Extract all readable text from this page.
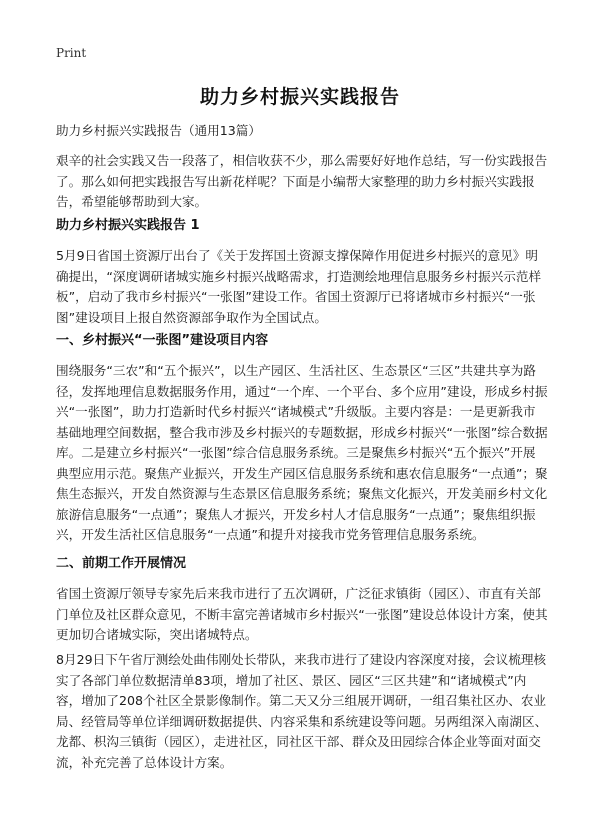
Print
助力乡村振兴实践报告

助力乡村振兴实践报告（通用13篇）

艰辛的社会实践又告一段落了，相信收获不少，那么需要好好地作总结，写一份实践报告了。那么如何把实践报告写出新花样呢？下面是小编帮大家整理的助力乡村振兴实践报告，希望能够帮助到大家。

助力乡村振兴实践报告 1

5月9日省国土资源厅出台了《关于发挥国土资源支撑保障作用促进乡村振兴的意见》明确提出，“深度调研诸城实施乡村振兴战略需求，打造测绘地理信息服务乡村振兴示范样板”，启动了我市乡村振兴“一张图”建设工作。省国土资源厅已将诸城市乡村振兴“一张图”建设项目上报自然资源部争取作为全国试点。

一、乡村振兴“一张图”建设项目内容

围绕服务“三农”和“五个振兴”，以生产园区、生活社区、生态景区“三区”共建共享为路径，发挥地理信息数据服务作用，通过“一个库、一个平台、多个应用”建设，形成乡村振兴“一张图”，助力打造新时代乡村振兴“诸城模式”升级版。主要内容是：一是更新我市基础地理空间数据，整合我市涉及乡村振兴的专题数据，形成乡村振兴“一张图”综合数据库。二是建立乡村振兴“一张图”综合信息服务系统。三是聚焦乡村振兴“五个振兴”开展典型应用示范。聚焦产业振兴，开发生产园区信息服务系统和惠农信息服务“一点通”；聚焦生态振兴，开发自然资源与生态景区信息服务系统；聚焦文化振兴，开发美丽乡村文化旅游信息服务“一点通”；聚焦人才振兴，开发乡村人才信息服务“一点通”；聚焦组织振兴，开发生活社区信息服务“一点通”和提升对接我市党务管理信息服务系统。

二、前期工作开展情况

省国土资源厅领导专家先后来我市进行了五次调研，广泛征求镇街（园区）、市直有关部门单位及社区群众意见，不断丰富完善诸城市乡村振兴“一张图”建设总体设计方案，使其更加切合诸城实际，突出诸城特点。

8月29日下午省厅测绘处曲伟刚处长带队，来我市进行了建设内容深度对接，会议梳理核实了各部门单位数据清单83项，增加了社区、景区、园区“三区共建”和“诸城模式”内容，增加了208个社区全景影像制作。第二天又分三组展开调研，一组召集社区办、农业局、经管局等单位详细调研数据提供、内容采集和系统建设等问题。另两组深入南湖区、龙都、枳沟三镇街（园区），走进社区，同社区干部、群众及田园综合体企业等面对面交流，补充完善了总体设计方案。
